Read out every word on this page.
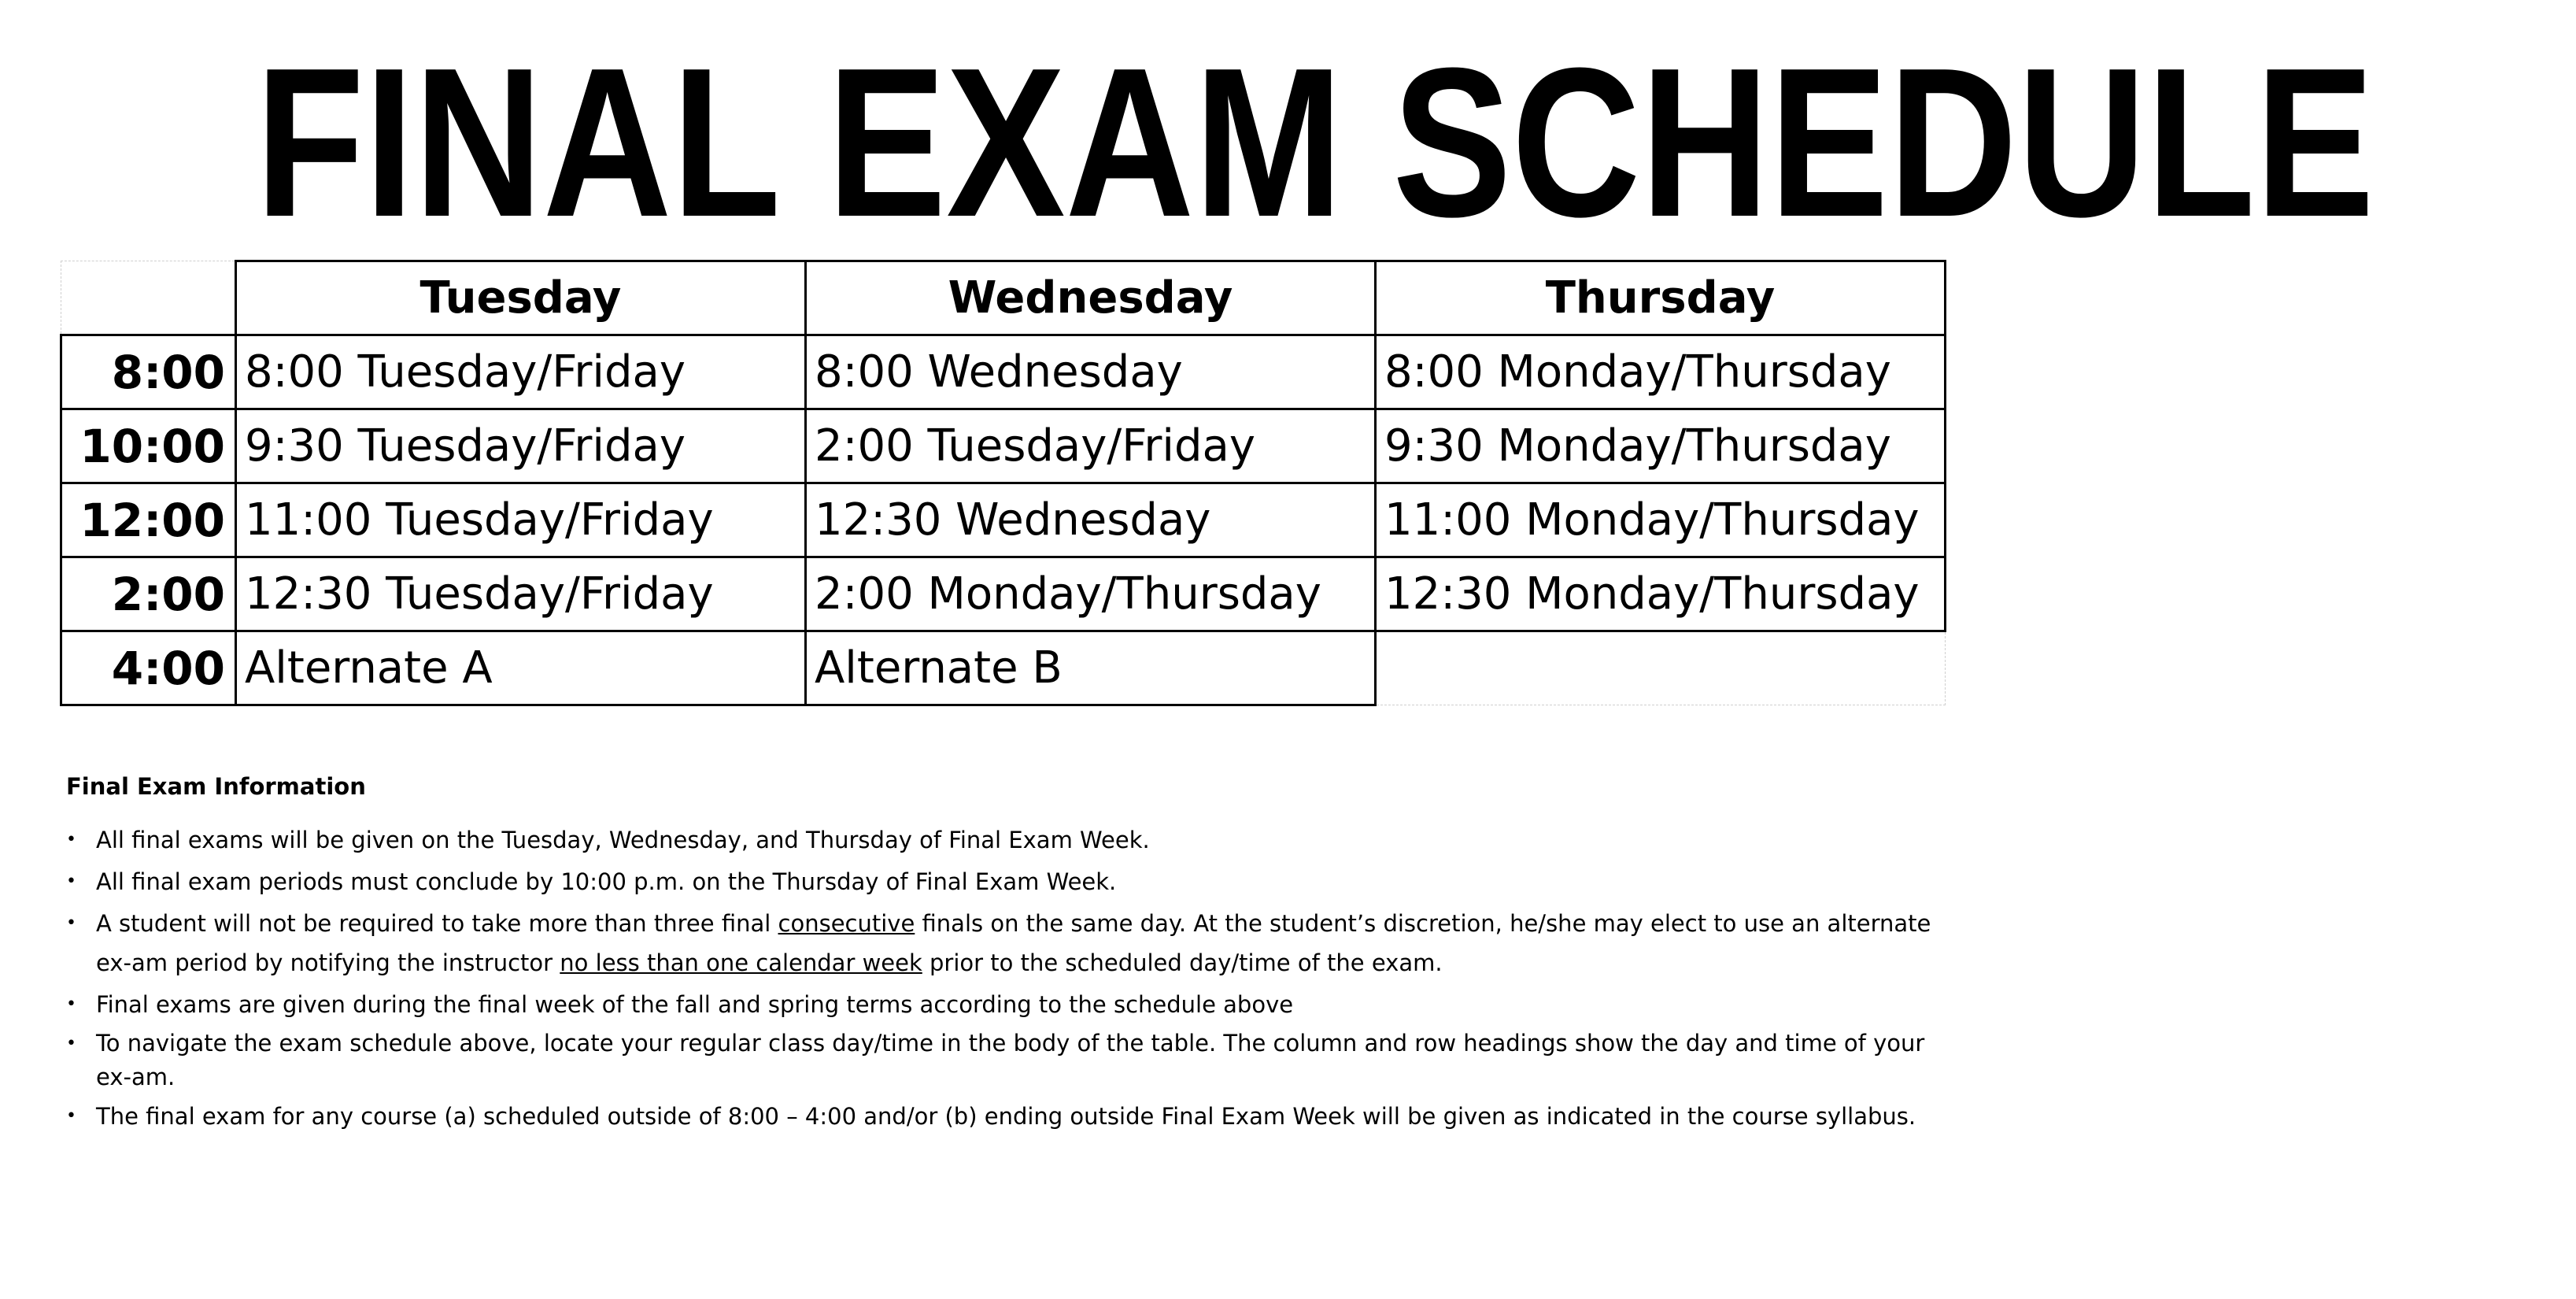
FINAL EXAM SCHEDULE
	Tuesday	Wednesday	Thursday
8:00	8:00 Tuesday/Friday	8:00 Wednesday	8:00 Monday/Thursday
10:00	9:30 Tuesday/Friday	2:00 Tuesday/Friday	9:30 Monday/Thursday
12:00	11:00 Tuesday/Friday	12:30 Wednesday	11:00 Monday/Thursday
2:00	12:30 Tuesday/Friday	2:00 Monday/Thursday	12:30 Monday/Thursday
4:00	Alternate A	Alternate B	
Final Exam Information
• All final exams will be given on the Tuesday, Wednesday, and Thursday of Final Exam Week.
• All final exam periods must conclude by 10:00 p.m. on the Thursday of Final Exam Week.
• A student will not be required to take more than three final consecutive finals on the same day. At the student’s discretion, he/she may elect to use an alternate ex-am period by notifying the instructor no less than one calendar week prior to the scheduled day/time of the exam.
• Final exams are given during the final week of the fall and spring terms according to the schedule above
• To navigate the exam schedule above, locate your regular class day/time in the body of the table. The column and row headings show the day and time of your ex-am.
• The final exam for any course (a) scheduled outside of 8:00 – 4:00 and/or (b) ending outside Final Exam Week will be given as indicated in the course syllabus.
